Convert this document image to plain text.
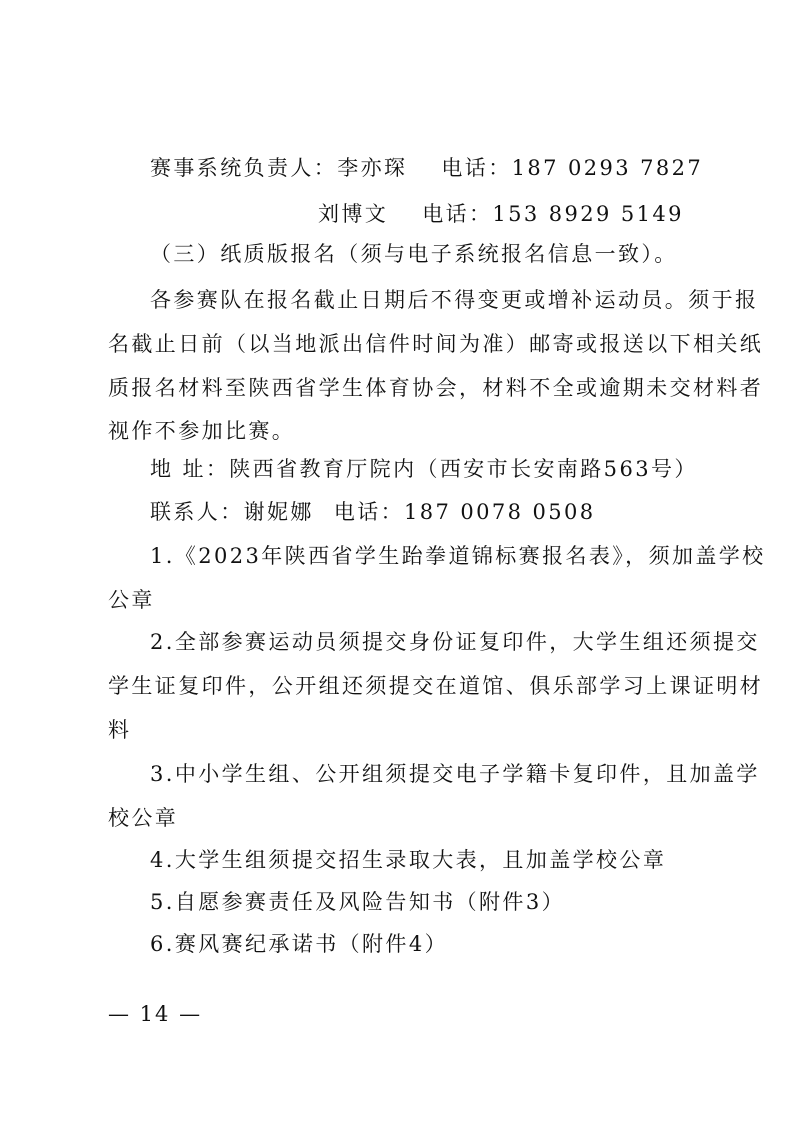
赛事系统负责人：李亦琛 电话：187 0293 7827
刘博文 电话：153 8929 5149
（三）纸质版报名（须与电子系统报名信息一致）。
各参赛队在报名截止日期后不得变更或增补运动员。须于报
名截止日前（以当地派出信件时间为准）邮寄或报送以下相关纸
质报名材料至陕西省学生体育协会，材料不全或逾期未交材料者
视作不参加比赛。
地 址：陕西省教育厅院内（西安市长安南路563号）
联系人：谢妮娜 电话：187 0078 0508
1.《2023年陕西省学生跆拳道锦标赛报名表》，须加盖学校
公章
2.全部参赛运动员须提交身份证复印件，大学生组还须提交
学生证复印件，公开组还须提交在道馆、俱乐部学习上课证明材
料
3.中小学生组、公开组须提交电子学籍卡复印件，且加盖学
校公章
4.大学生组须提交招生录取大表，且加盖学校公章
5.自愿参赛责任及风险告知书（附件3）
6.赛风赛纪承诺书（附件4）
— 14 —
